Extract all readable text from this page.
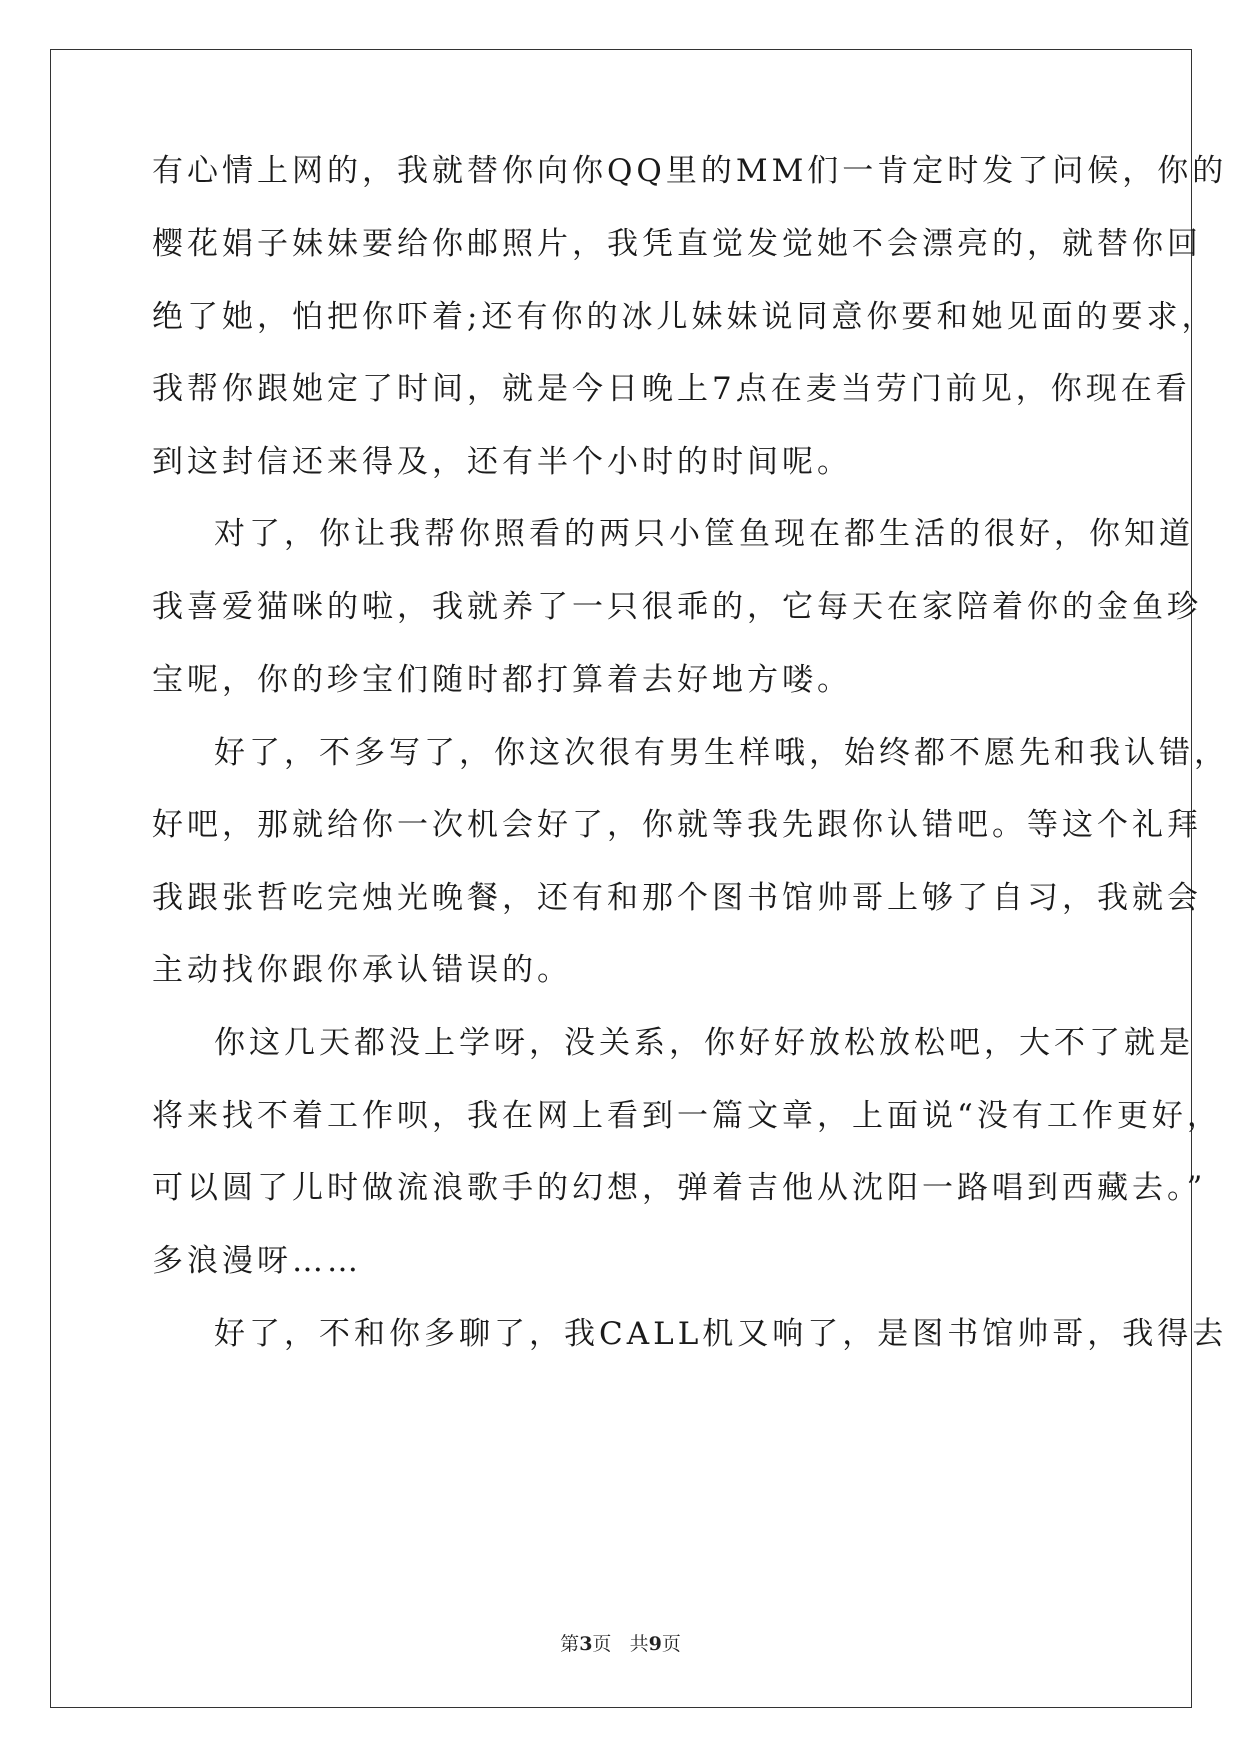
有心情上网的，我就替你向你QQ里的MM们一肯定时发了问候，你的
樱花娟子妹妹要给你邮照片，我凭直觉发觉她不会漂亮的，就替你回
绝了她，怕把你吓着;还有你的冰儿妹妹说同意你要和她见面的要求，
我帮你跟她定了时间，就是今日晚上7点在麦当劳门前见，你现在看
到这封信还来得及，还有半个小时的时间呢。
对了，你让我帮你照看的两只小筐鱼现在都生活的很好，你知道
我喜爱猫咪的啦，我就养了一只很乖的，它每天在家陪着你的金鱼珍
宝呢，你的珍宝们随时都打算着去好地方喽。
好了，不多写了，你这次很有男生样哦，始终都不愿先和我认错，
好吧，那就给你一次机会好了，你就等我先跟你认错吧。等这个礼拜
我跟张哲吃完烛光晚餐，还有和那个图书馆帅哥上够了自习，我就会
主动找你跟你承认错误的。
你这几天都没上学呀，没关系，你好好放松放松吧，大不了就是
将来找不着工作呗，我在网上看到一篇文章，上面说“没有工作更好，
可以圆了儿时做流浪歌手的幻想，弹着吉他从沈阳一路唱到西藏去。”
多浪漫呀……
好了，不和你多聊了，我CALL机又响了，是图书馆帅哥，我得去
第3页 共9页
